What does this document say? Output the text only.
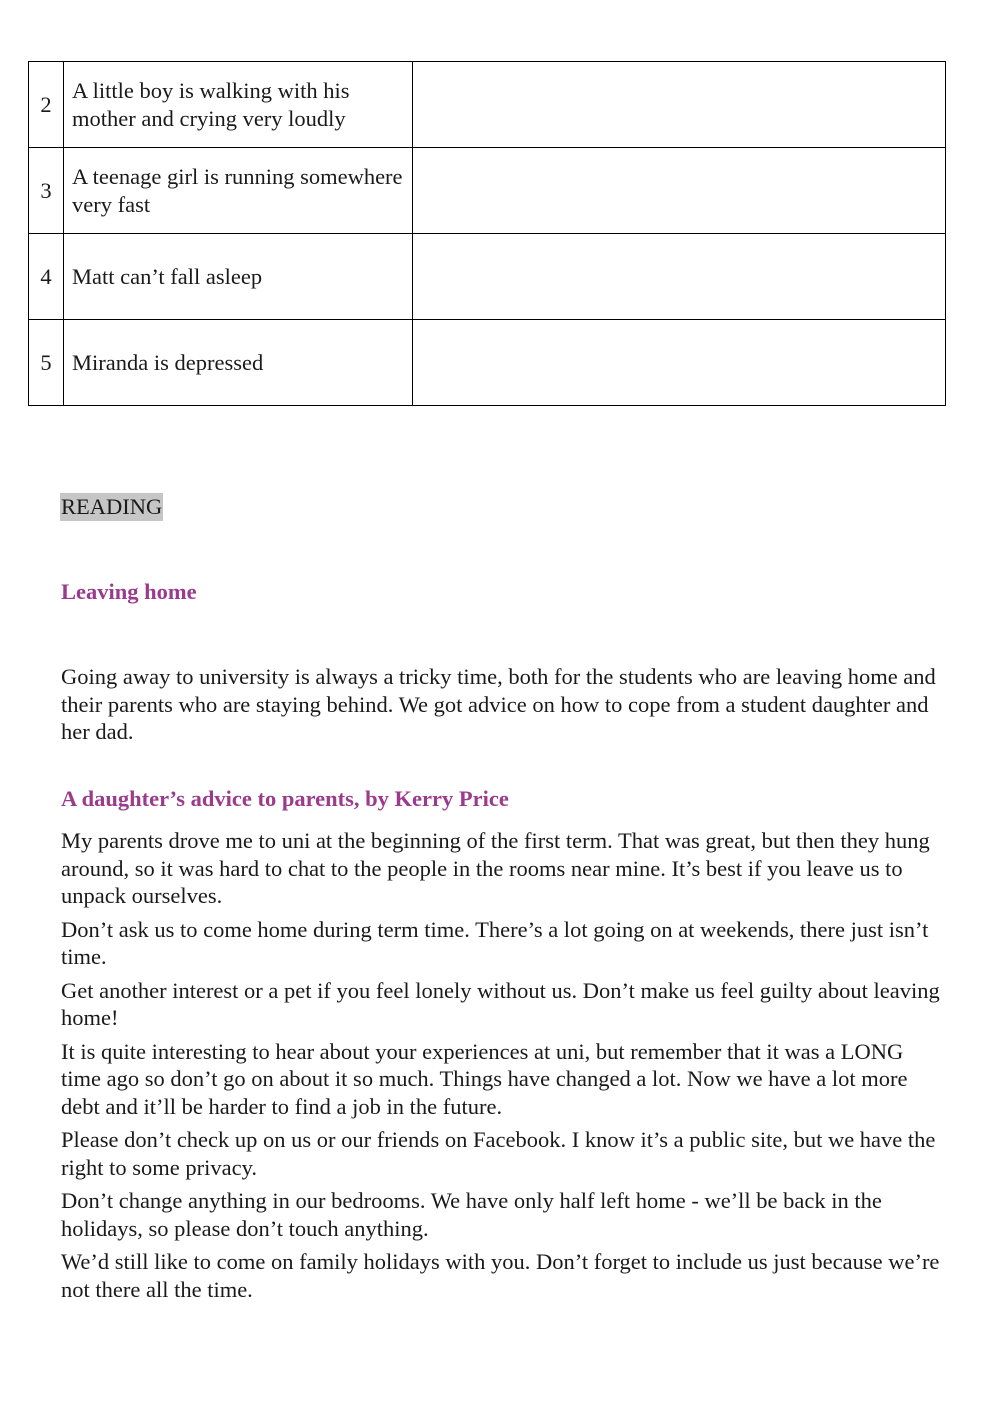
2	A little boy is walking with his mother and crying very loudly	
3	A teenage girl is running somewhere very fast	
4	Matt can’t fall asleep	
5	Miranda is depressed	
READING
Leaving home

Going away to university is always a tricky time, both for the students who are leaving home and their parents who are staying behind. We got advice on how to cope from a student daughter and her dad.

A daughter’s advice to parents, by Kerry Price

My parents drove me to uni at the beginning of the first term. That was great, but then they hung around, so it was hard to chat to the people in the rooms near mine. It’s best if you leave us to unpack ourselves.

Don’t ask us to come home during term time. There’s a lot going on at weekends, there just isn’t time.

Get another interest or a pet if you feel lonely without us. Don’t make us feel guilty about leaving home!

It is quite interesting to hear about your experiences at uni, but remember that it was a LONG time ago so don’t go on about it so much. Things have changed a lot. Now we have a lot more debt and it’ll be harder to find a job in the future.

Please don’t check up on us or our friends on Facebook. I know it’s a public site, but we have the right to some privacy.

Don’t change anything in our bedrooms. We have only half left home - we’ll be back in the holidays, so please don’t touch anything.

We’d still like to come on family holidays with you. Don’t forget to include us just because we’re not there all the time.
